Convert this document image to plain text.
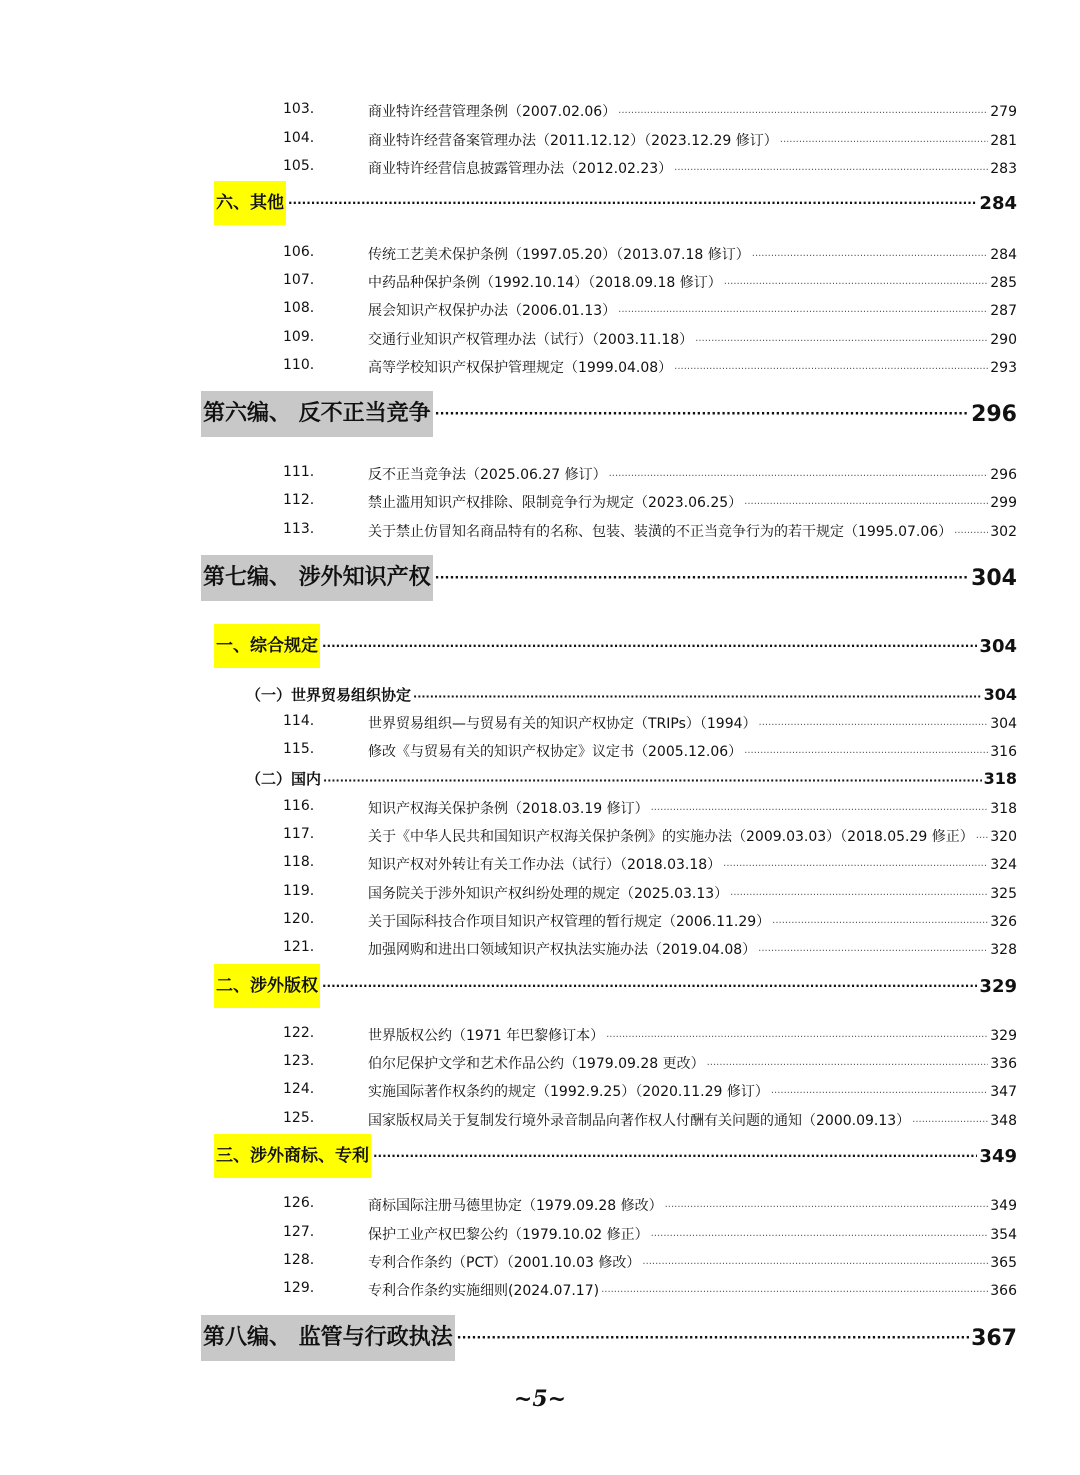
103.	商业特许经营管理条例（2007.02.06） ·····	279
104.	商业特许经营备案管理办法（2011.12.12）（2023.12.29 修订） ·····	281
105.	商业特许经营信息披露管理办法（2012.02.23） ·····	283
六、其他 ·····	284
106.	传统工艺美术保护条例（1997.05.20）（2013.07.18 修订） ·····	284
107.	中药品种保护条例（1992.10.14）（2018.09.18 修订） ·····	285
108.	展会知识产权保护办法（2006.01.13） ·····	287
109.	交通行业知识产权管理办法（试行）（2003.11.18） ·····	290
110.	高等学校知识产权保护管理规定（1999.04.08） ·····	293
第六编、 反不正当竞争 ·····	296
111.	反不正当竞争法（2025.06.27 修订） ·····	296
112.	禁止滥用知识产权排除、限制竞争行为规定（2023.06.25） ·····	299
113.	关于禁止仿冒知名商品特有的名称、包装、装潢的不正当竞争行为的若干规定（1995.07.06） ·····	302
第七编、 涉外知识产权 ·····	304
一、综合规定 ·····	304
（一）世界贸易组织协定 ·····	304
114.	世界贸易组织—与贸易有关的知识产权协定（TRIPs）（1994） ·····	304
115.	修改《与贸易有关的知识产权协定》议定书（2005.12.06） ·····	316
（二）国内 ·····	318
116.	知识产权海关保护条例（2018.03.19 修订） ·····	318
117.	关于《中华人民共和国知识产权海关保护条例》的实施办法（2009.03.03）（2018.05.29 修正） ····· 320
118.	知识产权对外转让有关工作办法（试行）（2018.03.18） ·····	324
119.	国务院关于涉外知识产权纠纷处理的规定（2025.03.13） ·····	325
120.	关于国际科技合作项目知识产权管理的暂行规定（2006.11.29） ·····	326
121.	加强网购和进出口领域知识产权执法实施办法（2019.04.08） ·····	328
二、涉外版权 ·····	329
122.	世界版权公约（1971 年巴黎修订本） ·····	329
123.	伯尔尼保护文学和艺术作品公约（1979.09.28 更改） ·····	336
124.	实施国际著作权条约的规定（1992.9.25）（2020.11.29 修订） ·····	347
125.	国家版权局关于复制发行境外录音制品向著作权人付酬有关问题的通知（2000.09.13） ·····	348
三、涉外商标、专利 ·····	349
126.	商标国际注册马德里协定（1979.09.28 修改） ·····	349
127.	保护工业产权巴黎公约（1979.10.02 修正） ·····	354
128.	专利合作条约（PCT）（2001.10.03 修改） ·····	365
129.	专利合作条约实施细则(2024.07.17) ·····	366
第八编、 监管与行政执法 ·····	367
~5~
